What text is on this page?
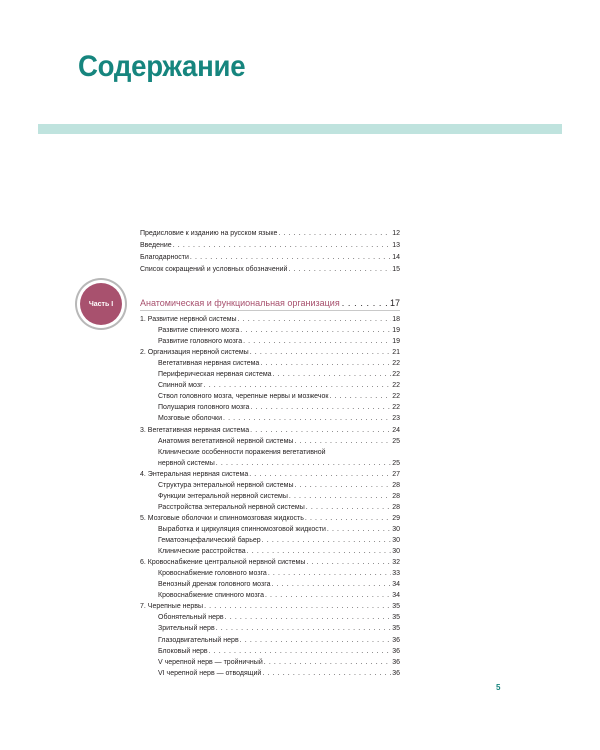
Содержание
Предисловие к изданию на русском языке . . .	12
Введение . . .	13
Благодарности . . .	14
Список сокращений и условных обозначений . . .	15
Часть I	Анатомическая и функциональная организация . . .	17
1. Развитие нервной системы . . .	18
Развитие спинного мозга . . .	19
Развитие головного мозга . . .	19
2. Организация нервной системы . . .	21
Вегетативная нервная система . . .	22
Периферическая нервная система . . .	22
Спинной мозг . . .	22
Ствол головного мозга, черепные нервы и мозжечок . . .	22
Полушария головного мозга . . .	22
Мозговые оболочки . . .	23
3. Вегетативная нервная система . . .	24
Анатомия вегетативной нервной системы . . .	25
Клинические особенности поражения вегетативной
нервной системы . . .	25
4. Энтеральная нервная система . . .	27
Структура энтеральной нервной системы . . .	28
Функции энтеральной нервной системы . . .	28
Расстройства энтеральной нервной системы . . .	28
5. Мозговые оболочки и спинномозговая жидкость . . .	29
Выработка и циркуляция спинномозговой жидкости . . .	30
Гематоэнцефалический барьер . . .	30
Клинические расстройства . . .	30
6. Кровоснабжение центральной нервной системы . . .	32
Кровоснабжение головного мозга . . .	33
Венозный дренаж головного мозга . . .	34
Кровоснабжение спинного мозга . . .	34
7. Черепные нервы . . .	35
Обонятельный нерв . . .	35
Зрительный нерв . . .	35
Глазодвигательный нерв . . .	36
Блоковый нерв . . .	36
V черепной нерв — тройничный . . .	36
VI черепной нерв — отводящий . . .	36
5
